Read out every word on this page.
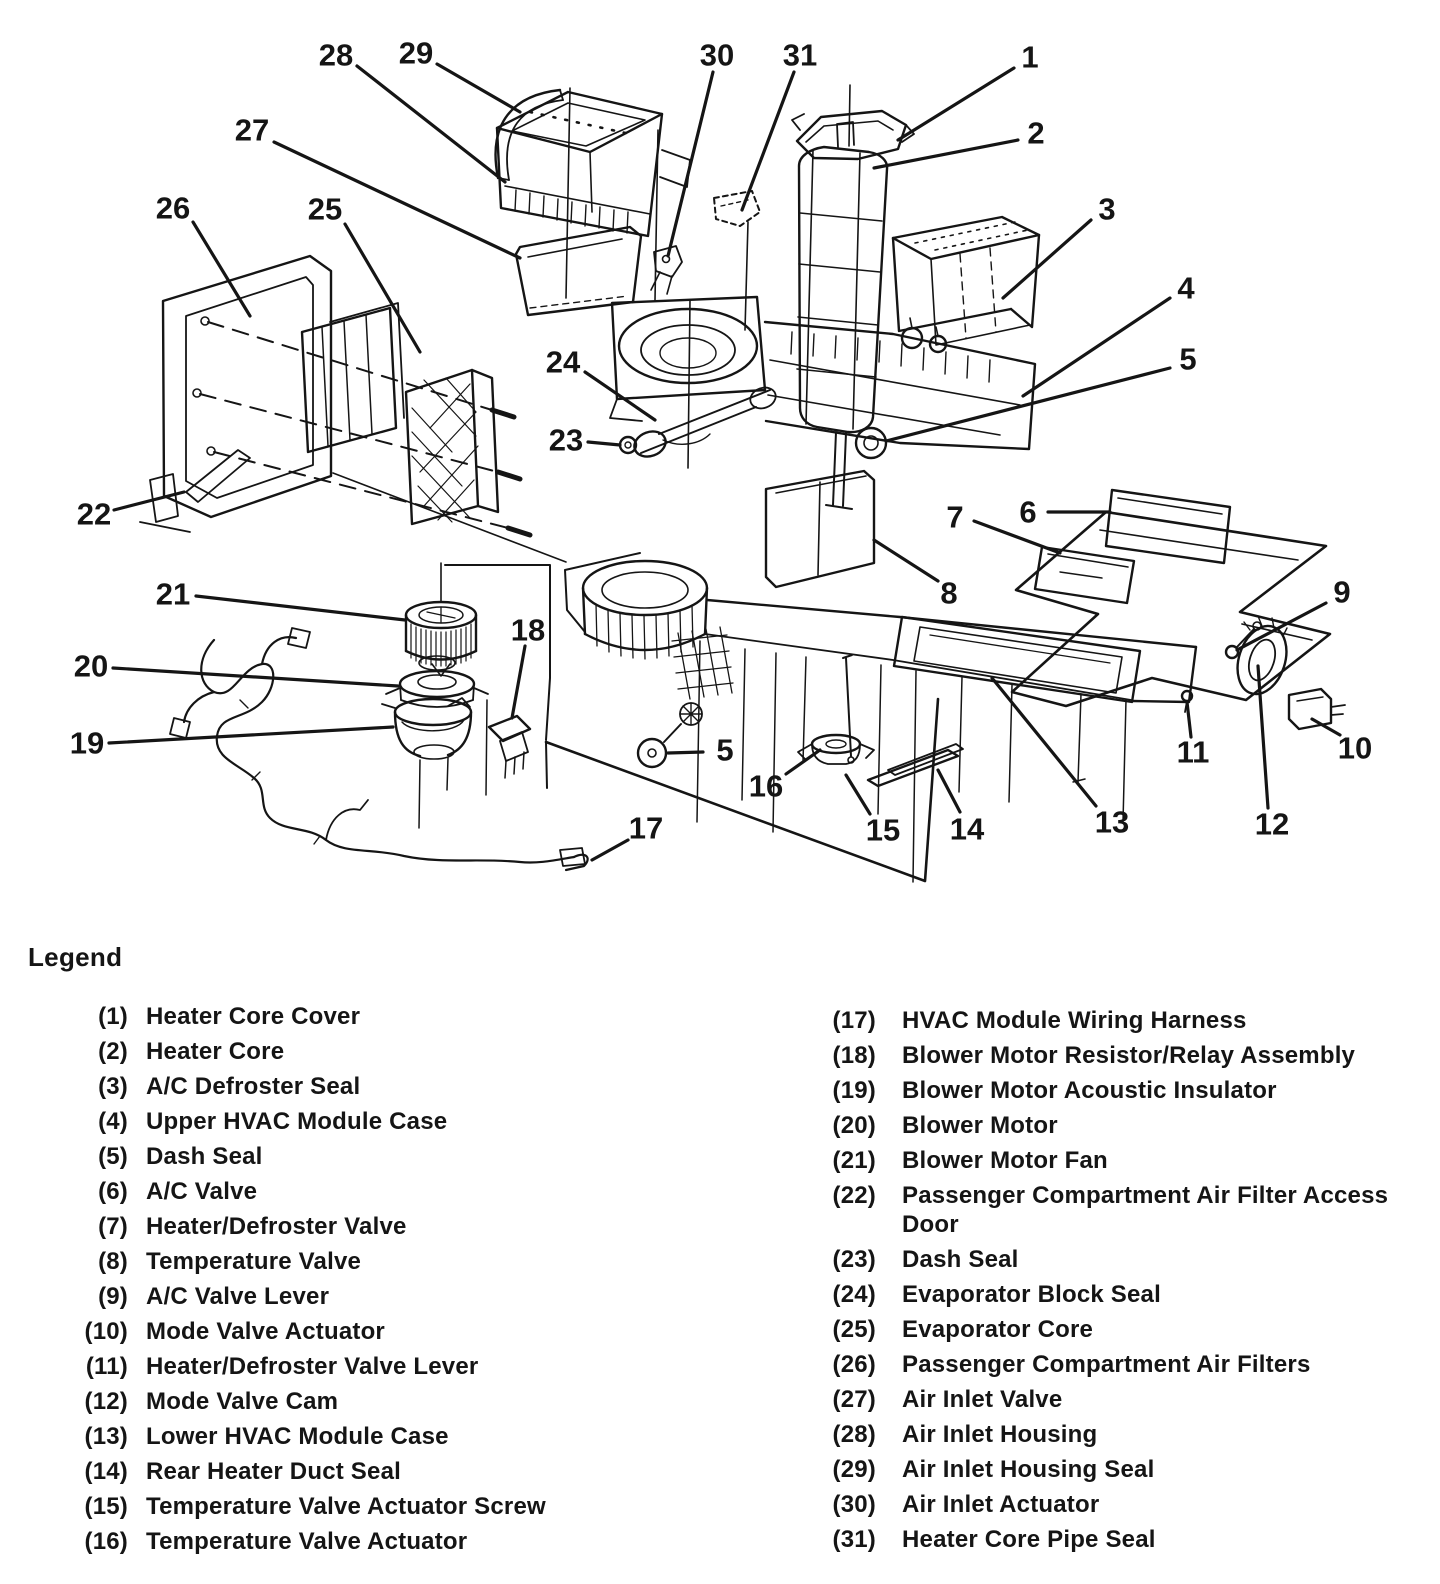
28 29
27
26	25
30 31	1
2
3
4
5
24
23
22	6
7
8	9
21
18
20
19	5	11	10
16
15 14	13	12
17
Legend
(1) Heater Core Cover
(2) Heater Core
(3) A/C Defroster Seal
(4) Upper HVAC Module Case
(5) Dash Seal
(6) A/C Valve
(7) Heater/Defroster Valve
(8) Temperature Valve
(9) A/C Valve Lever
(10) Mode Valve Actuator
(11) Heater/Defroster Valve Lever
(12) Mode Valve Cam
(13) Lower HVAC Module Case
(14) Rear Heater Duct Seal
(15) Temperature Valve Actuator Screw
(16) Temperature Valve Actuator
(17)	HVAC Module Wiring Harness
(18)	Blower Motor Resistor/Relay Assembly
(19)	Blower Motor Acoustic Insulator
(20)	Blower Motor
(21)	Blower Motor Fan
(22)	Passenger Compartment Air Filter Access Door
(23)	Dash Seal
(24)	Evaporator Block Seal
(25)	Evaporator Core
(26)	Passenger Compartment Air Filters
(27)	Air Inlet Valve
(28)	Air Inlet Housing
(29)	Air Inlet Housing Seal
(30)	Air Inlet Actuator
(31)	Heater Core Pipe Seal
